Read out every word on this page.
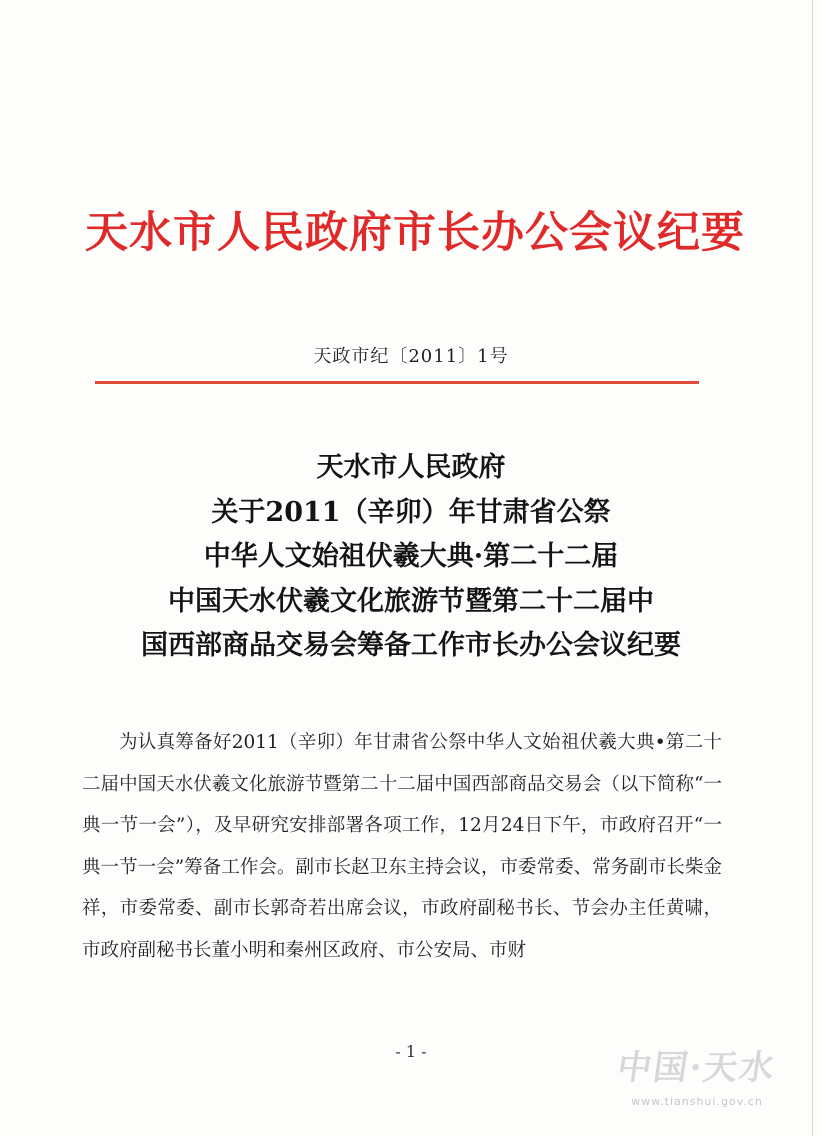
天水市人民政府市长办公会议纪要
天政市纪〔2011〕1号
天水市人民政府
关于2011（辛卯）年甘肃省公祭
中华人文始祖伏羲大典·第二十二届
中国天水伏羲文化旅游节暨第二十二届中
国西部商品交易会筹备工作市长办公会议纪要

为认真筹备好2011（辛卯）年甘肃省公祭中华人文始祖伏羲大典•第二十二届中国天水伏羲文化旅游节暨第二十二届中国西部商品交易会（以下简称“一典一节一会”），及早研究安排部署各项工作，12月24日下午，市政府召开“一典一节一会”筹备工作会。副市长赵卫东主持会议，市委常委、常务副市长柴金祥，市委常委、副市长郭奇若出席会议，市政府副秘书长、节会办主任黄啸，市政府副秘书长董小明和秦州区政府、市公安局、市财

- 1 -	中国·天水
www.tianshui.gov.cn
